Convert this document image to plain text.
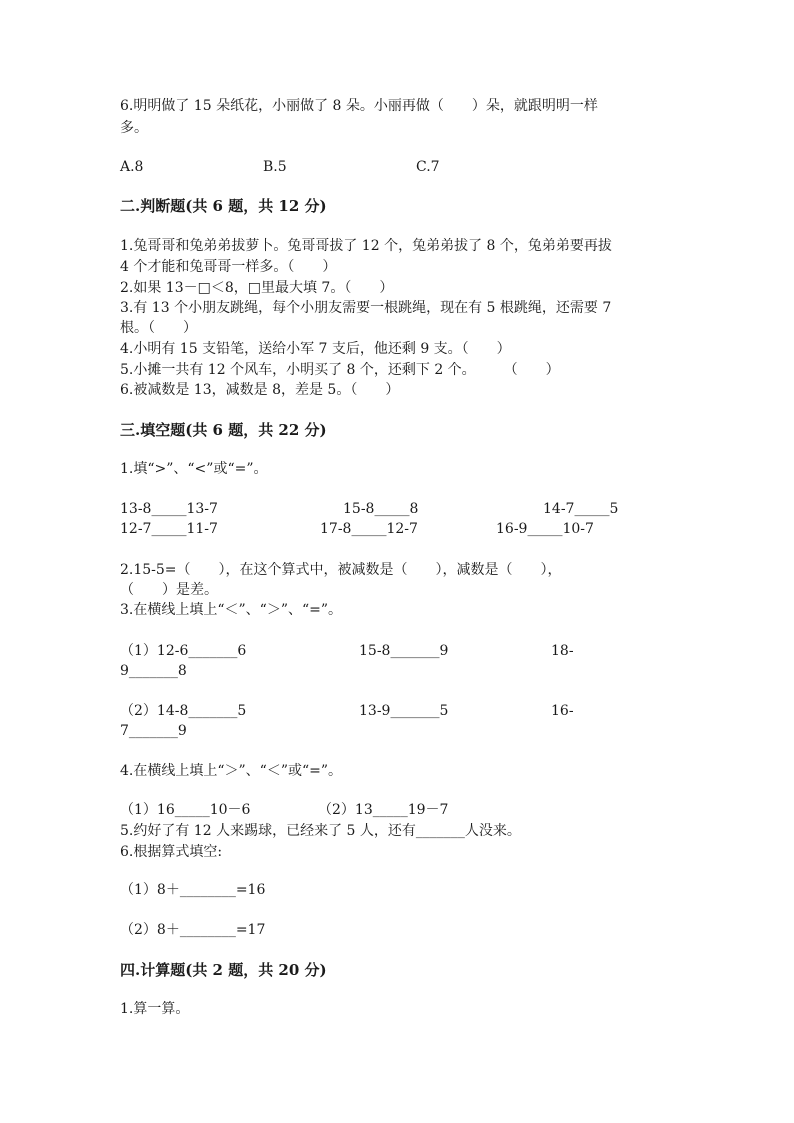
6.明明做了 15 朵纸花，小丽做了 8 朵。小丽再做（　　）朵，就跟明明一样
多。
A.8	B.5	C.7
二.判断题(共 6 题，共 12 分)
1.兔哥哥和兔弟弟拔萝卜。兔哥哥拔了 12 个，兔弟弟拔了 8 个，兔弟弟要再拔
4 个才能和兔哥哥一样多。（　　）
2.如果 13－□＜8，□里最大填 7。（　　）
3.有 13 个小朋友跳绳，每个小朋友需要一根跳绳，现在有 5 根跳绳，还需要 7
根。（　　）
4.小明有 15 支铅笔，送给小军 7 支后，他还剩 9 支。（　　）
5.小摊一共有 12 个风车，小明买了 8 个，还剩下 2 个。　　　（　　）
6.被减数是 13，减数是 8，差是 5。（　　）
三.填空题(共 6 题，共 22 分)
1.填“>”、“<”或“=”。
13-8_____13-7	15-8_____8	14-7_____5
12-7_____11-7	17-8_____12-7	16-9_____10-7
2.15-5=（　　），在这个算式中，被减数是（　　），减数是（　　），
（　　）是差。
3.在横线上填上“＜”、“＞”、“=”。
（1）12-6_______6	15-8_______9	18-
9_______8
（2）14-8_______5	13-9_______5	16-
7_______9
4.在横线上填上“＞”、“＜”或“=”。
（1）16_____10－6	（2）13_____19－7
5.约好了有 12 人来踢球，已经来了 5 人，还有_______人没来。
6.根据算式填空:
（1）8＋________=16
（2）8＋________=17
四.计算题(共 2 题，共 20 分)
1.算一算。
